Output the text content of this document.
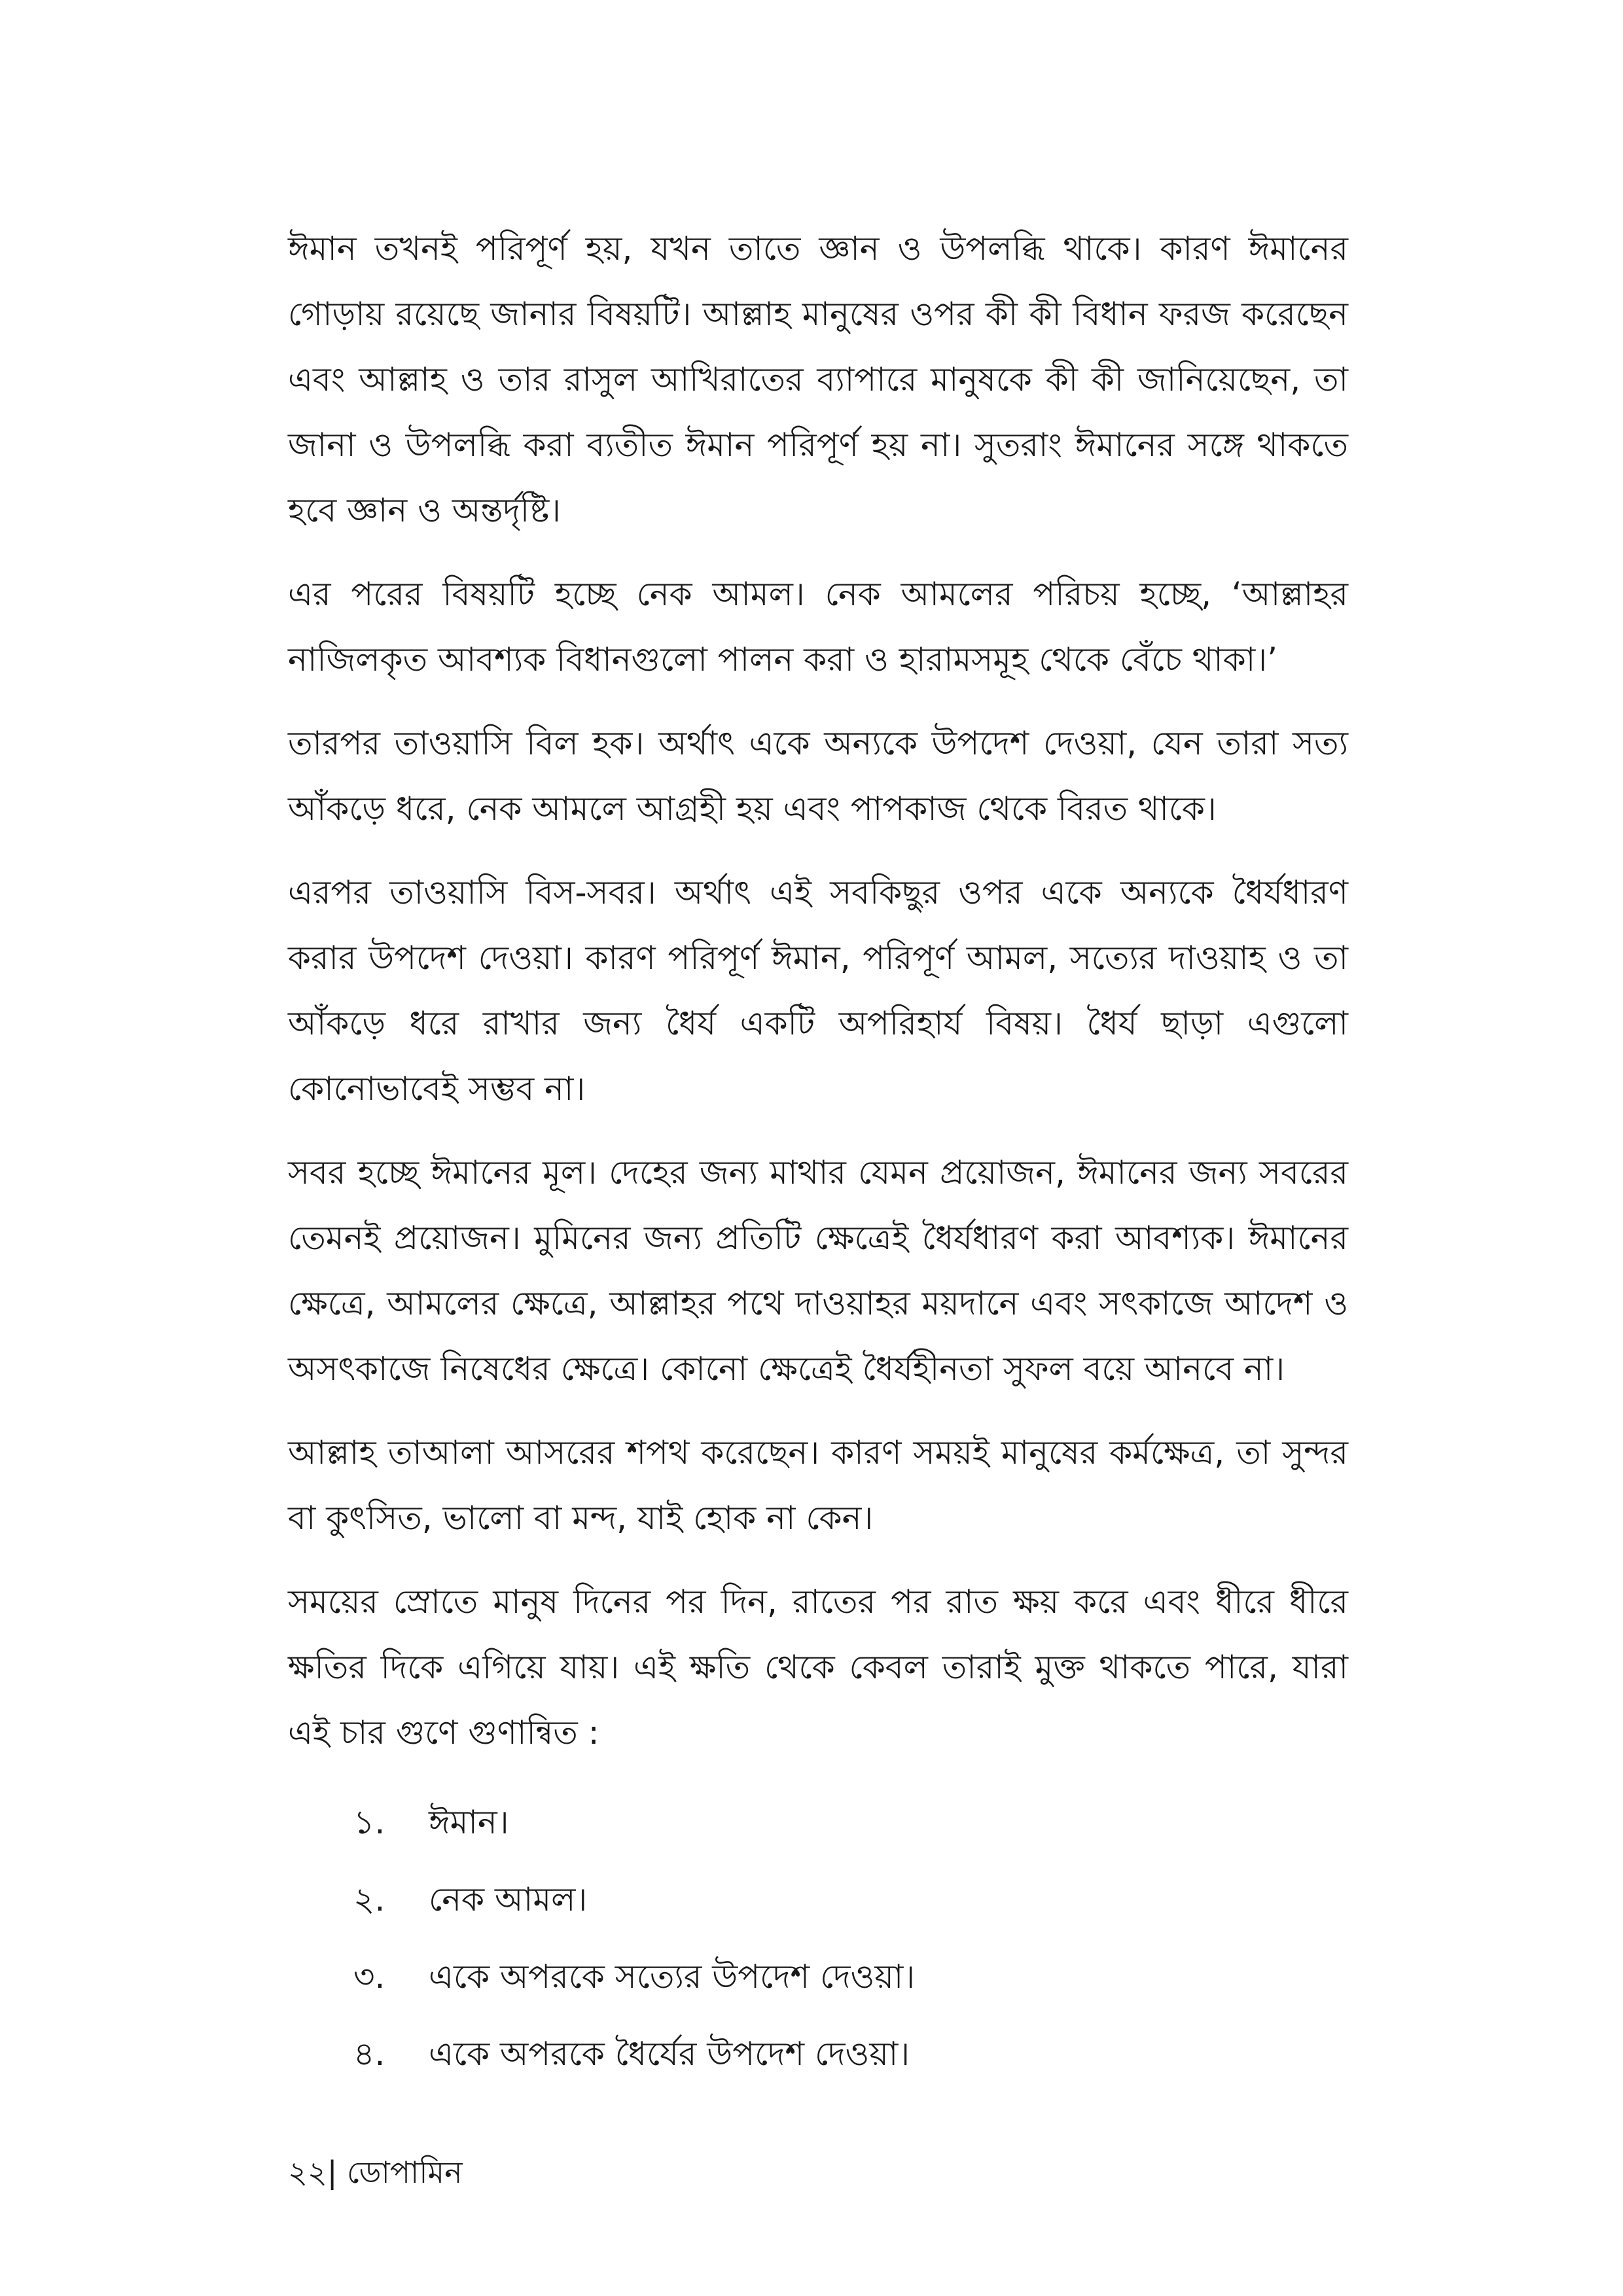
ঈমান তখনই পরিপূর্ণ হয়, যখন তাতে জ্ঞান ও উপলব্ধি থাকে। কারণ ঈমানের গোড়ায় রয়েছে জানার বিষয়টি। আল্লাহ মানুষের ওপর কী কী বিধান ফরজ করেছেন এবং আল্লাহ ও তার রাসুল আখিরাতের ব্যাপারে মানুষকে কী কী জানিয়েছেন, তা জানা ও উপলব্ধি করা ব্যতীত ঈমান পরিপূর্ণ হয় না। সুতরাং ঈমানের সঙ্গে থাকতে হবে জ্ঞান ও অন্তর্দৃষ্টি।

এর পরের বিষয়টি হচ্ছে নেক আমল। নেক আমলের পরিচয় হচ্ছে, ‘আল্লাহর নাজিলকৃত আবশ্যক বিধানগুলো পালন করা ও হারামসমূহ থেকে বেঁচে থাকা।’

তারপর তাওয়াসি বিল হক। অর্থাৎ একে অন্যকে উপদেশ দেওয়া, যেন তারা সত্য আঁকড়ে ধরে, নেক আমলে আগ্রহী হয় এবং পাপকাজ থেকে বিরত থাকে।

এরপর তাওয়াসি বিস-সবর। অর্থাৎ এই সবকিছুর ওপর একে অন্যকে ধৈর্যধারণ করার উপদেশ দেওয়া। কারণ পরিপূর্ণ ঈমান, পরিপূর্ণ আমল, সত্যের দাওয়াহ ও তা আঁকড়ে ধরে রাখার জন্য ধৈর্য একটি অপরিহার্য বিষয়। ধৈর্য ছাড়া এগুলো কোনোভাবেই সম্ভব না।

সবর হচ্ছে ঈমানের মূল। দেহের জন্য মাথার যেমন প্রয়োজন, ঈমানের জন্য সবরের তেমনই প্রয়োজন। মুমিনের জন্য প্রতিটি ক্ষেত্রেই ধৈর্যধারণ করা আবশ্যক। ঈমানের ক্ষেত্রে, আমলের ক্ষেত্রে, আল্লাহর পথে দাওয়াহর ময়দানে এবং সৎকাজে আদেশ ও অসৎকাজে নিষেধের ক্ষেত্রে। কোনো ক্ষেত্রেই ধৈর্যহীনতা সুফল বয়ে আনবে না।

আল্লাহ তাআলা আসরের শপথ করেছেন। কারণ সময়ই মানুষের কর্মক্ষেত্র, তা সুন্দর বা কুৎসিত, ভালো বা মন্দ, যাই হোক না কেন।

সময়ের স্রোতে মানুষ দিনের পর দিন, রাতের পর রাত ক্ষয় করে এবং ধীরে ধীরে ক্ষতির দিকে এগিয়ে যায়। এই ক্ষতি থেকে কেবল তারাই মুক্ত থাকতে পারে, যারা এই চার গুণে গুণান্বিত :

১.	ঈমান।
২.	নেক আমল।
৩.	একে অপরকে সত্যের উপদেশ দেওয়া।
৪.	একে অপরকে ধৈর্যের উপদেশ দেওয়া।
২২| ডোপামিন
